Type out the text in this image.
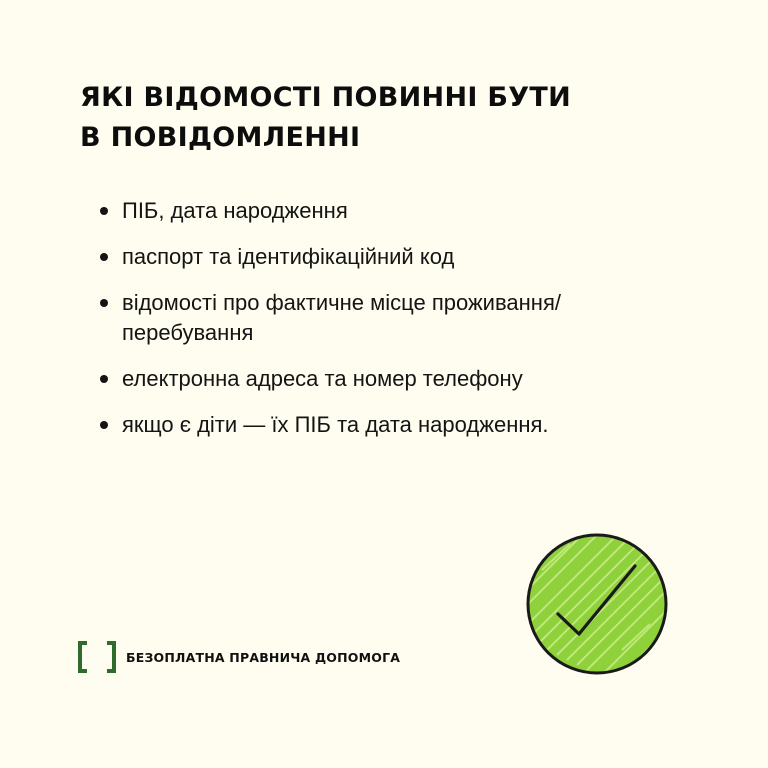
ЯКІ ВІДОМОСТІ ПОВИННІ БУТИ
В ПОВІДОМЛЕННІ
ПІБ, дата народження
паспорт та ідентифікаційний код
відомості про фактичне місце проживання/ перебування
електронна адреса та номер телефону
якщо є діти — їх ПІБ та дата народження.
БЕЗОПЛАТНА ПРАВНИЧА ДОПОМОГА
